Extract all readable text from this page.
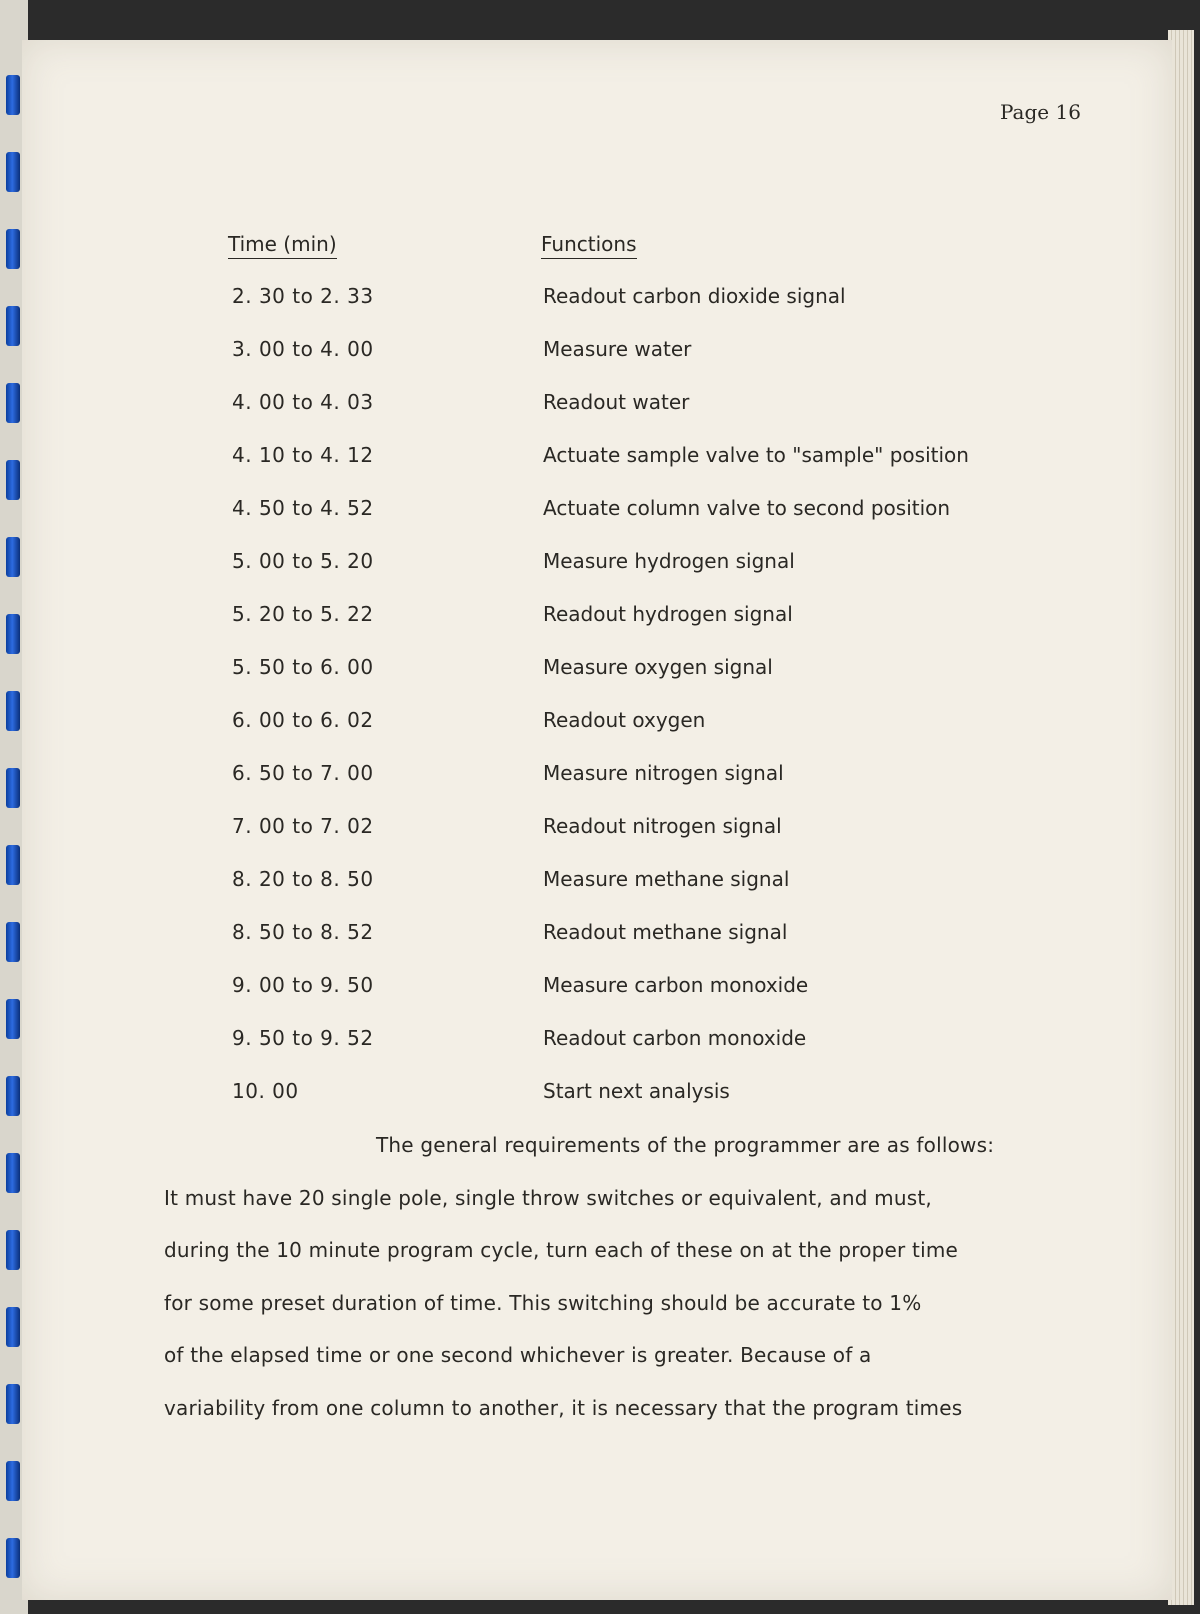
Page 16
Time (min)	Functions
2. 30 to 2. 33	Readout carbon dioxide signal
3. 00 to 4. 00	Measure water
4. 00 to 4. 03	Readout water
4. 10 to 4. 12	Actuate sample valve to "sample" position
4. 50 to 4. 52	Actuate column valve to second position
5. 00 to 5. 20	Measure hydrogen signal
5. 20 to 5. 22	Readout hydrogen signal
5. 50 to 6. 00	Measure oxygen signal
6. 00 to 6. 02	Readout oxygen
6. 50 to 7. 00	Measure nitrogen signal
7. 00 to 7. 02	Readout nitrogen signal
8. 20 to 8. 50	Measure methane signal
8. 50 to 8. 52	Readout methane signal
9. 00 to 9. 50	Measure carbon monoxide
9. 50 to 9. 52	Readout carbon monoxide
10. 00	Start next analysis
The general requirements of the programmer are as follows:
It must have 20 single pole, single throw switches or equivalent, and must,
during the 10 minute program cycle, turn each of these on at the proper time
for some preset duration of time. This switching should be accurate to 1%
of the elapsed time or one second whichever is greater. Because of a
variability from one column to another, it is necessary that the program times
